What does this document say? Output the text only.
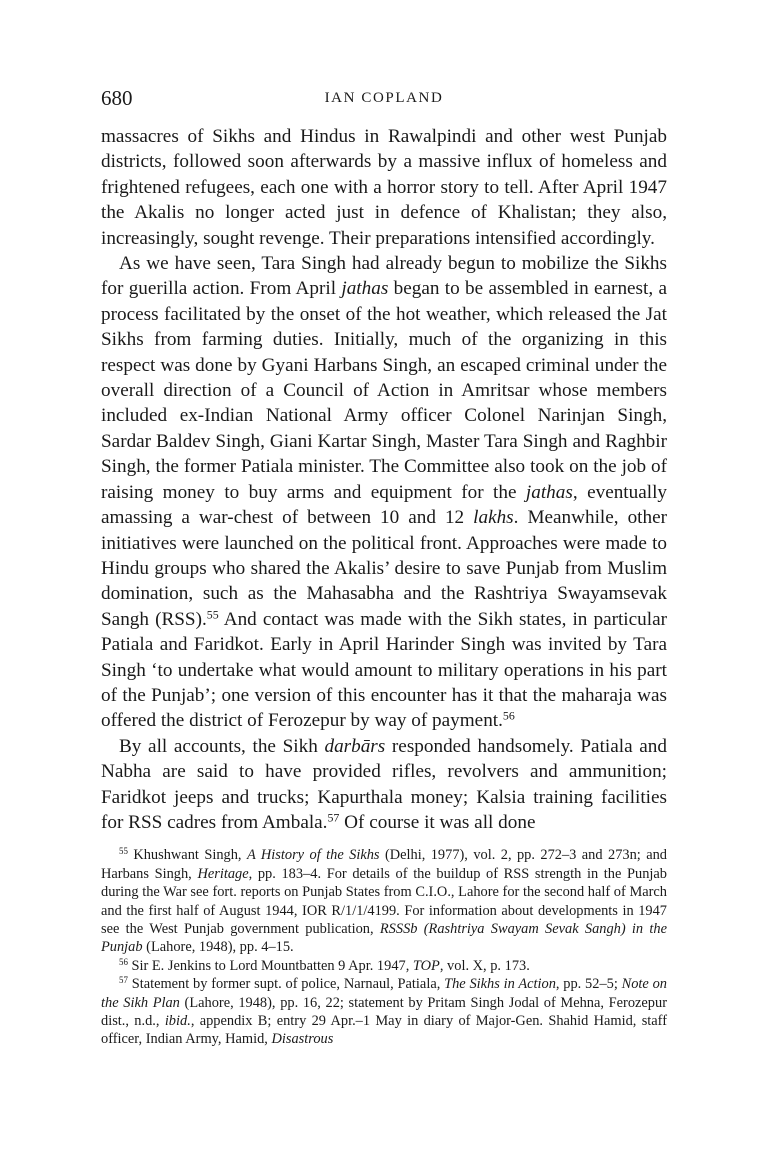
680	IAN COPLAND

massacres of Sikhs and Hindus in Rawalpindi and other west Punjab districts, followed soon afterwards by a massive influx of homeless and frightened refugees, each one with a horror story to tell. After April 1947 the Akalis no longer acted just in defence of Khalistan; they also, increasingly, sought revenge. Their preparations intensified accordingly.

As we have seen, Tara Singh had already begun to mobilize the Sikhs for guerilla action. From April jathas began to be assembled in earnest, a process facilitated by the onset of the hot weather, which released the Jat Sikhs from farming duties. Initially, much of the organizing in this respect was done by Gyani Harbans Singh, an escaped criminal under the overall direction of a Council of Action in Amritsar whose members included ex-Indian National Army officer Colonel Narinjan Singh, Sardar Baldev Singh, Giani Kartar Singh, Master Tara Singh and Raghbir Singh, the former Patiala minister. The Committee also took on the job of raising money to buy arms and equipment for the jathas, eventually amassing a war-chest of between 10 and 12 lakhs. Meanwhile, other initiatives were launched on the political front. Approaches were made to Hindu groups who shared the Akalis’ desire to save Punjab from Muslim domination, such as the Mahasabha and the Rashtriya Swayamsevak Sangh (RSS).$^{55}$ And contact was made with the Sikh states, in particular Patiala and Faridkot. Early in April Harinder Singh was invited by Tara Singh ‘to undertake what would amount to military operations in his part of the Punjab’; one version of this encounter has it that the maharaja was offered the district of Ferozepur by way of payment.$^{56}$

By all accounts, the Sikh darbārs responded handsomely. Patiala and Nabha are said to have provided rifles, revolvers and ammunition; Faridkot jeeps and trucks; Kapurthala money; Kalsia training facilities for RSS cadres from Ambala.$^{57}$ Of course it was all done

$^{55}$ Khushwant Singh, A History of the Sikhs (Delhi, 1977), vol. 2, pp. 272–3 and 273n; and Harbans Singh, Heritage, pp. 183–4. For details of the buildup of RSS strength in the Punjab during the War see fort. reports on Punjab States from C.I.O., Lahore for the second half of March and the first half of August 1944, IOR R/1/1/4199. For information about developments in 1947 see the West Punjab government publication, RSSSb (Rashtriya Swayam Sevak Sangh) in the Punjab (Lahore, 1948), pp. 4–15.

$^{56}$ Sir E. Jenkins to Lord Mountbatten 9 Apr. 1947, TOP, vol. X, p. 173.

$^{57}$ Statement by former supt. of police, Narnaul, Patiala, The Sikhs in Action, pp. 52–5; Note on the Sikh Plan (Lahore, 1948), pp. 16, 22; statement by Pritam Singh Jodal of Mehna, Ferozepur dist., n.d., ibid., appendix B; entry 29 Apr.–1 May in diary of Major-Gen. Shahid Hamid, staff officer, Indian Army, Hamid, Disastrous
